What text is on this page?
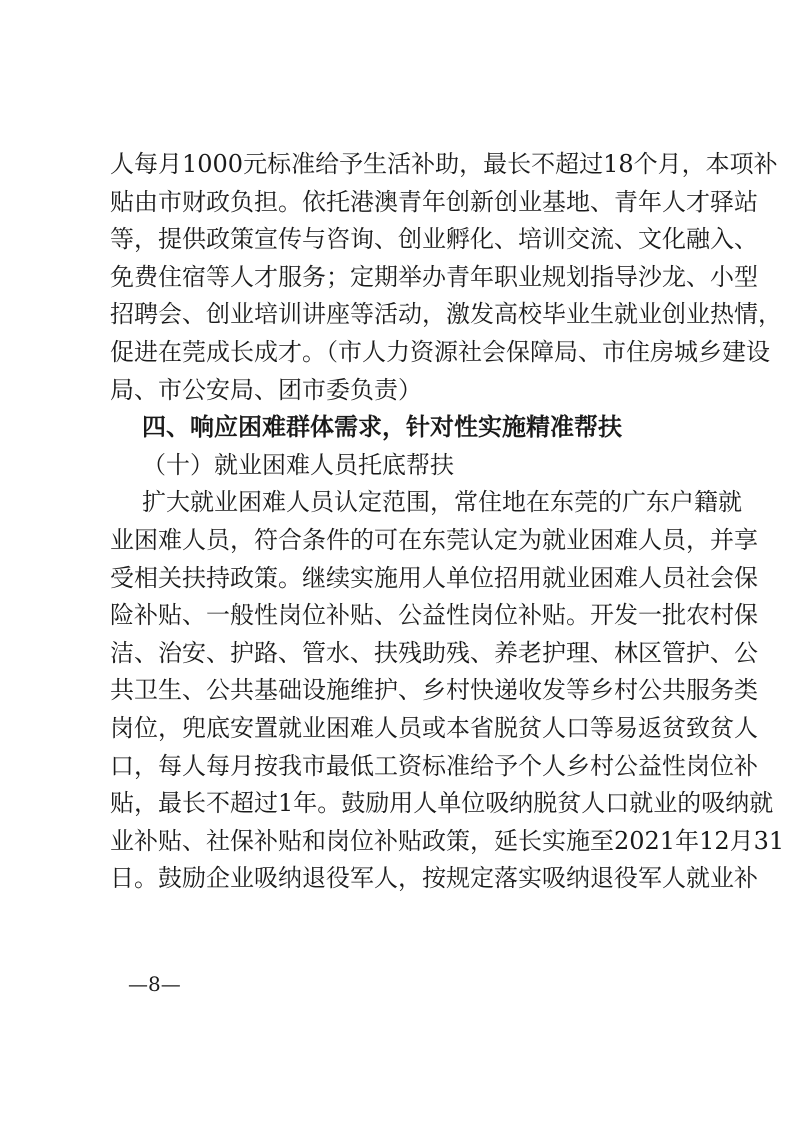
人每月1000元标准给予生活补助，最长不超过18个月，本项补
贴由市财政负担。依托港澳青年创新创业基地、青年人才驿站
等，提供政策宣传与咨询、创业孵化、培训交流、文化融入、
免费住宿等人才服务；定期举办青年职业规划指导沙龙、小型
招聘会、创业培训讲座等活动，激发高校毕业生就业创业热情，
促进在莞成长成才。（市人力资源社会保障局、市住房城乡建设
局、市公安局、团市委负责）
四、响应困难群体需求，针对性实施精准帮扶
（十）就业困难人员托底帮扶
扩大就业困难人员认定范围，常住地在东莞的广东户籍就
业困难人员，符合条件的可在东莞认定为就业困难人员，并享
受相关扶持政策。继续实施用人单位招用就业困难人员社会保
险补贴、一般性岗位补贴、公益性岗位补贴。开发一批农村保
洁、治安、护路、管水、扶残助残、养老护理、林区管护、公
共卫生、公共基础设施维护、乡村快递收发等乡村公共服务类
岗位，兜底安置就业困难人员或本省脱贫人口等易返贫致贫人
口，每人每月按我市最低工资标准给予个人乡村公益性岗位补
贴，最长不超过1年。鼓励用人单位吸纳脱贫人口就业的吸纳就
业补贴、社保补贴和岗位补贴政策，延长实施至2021年12月31
日。鼓励企业吸纳退役军人，按规定落实吸纳退役军人就业补
—8—
